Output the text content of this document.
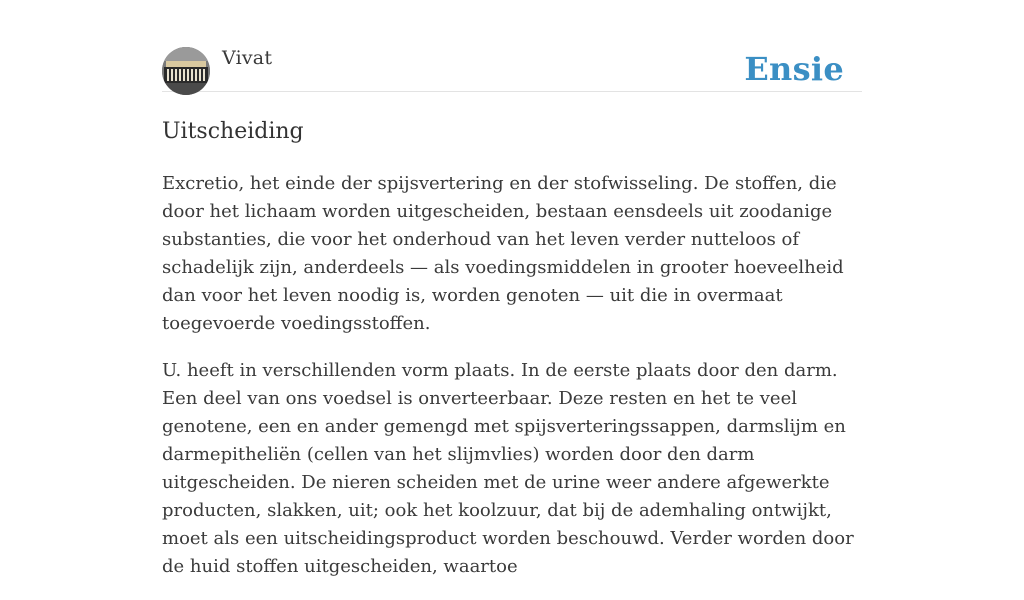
Vivat	Ensie
Uitscheiding

Excretio, het einde der spijsvertering en der stofwisseling. De stoffen, die door het lichaam worden uitgescheiden, bestaan eensdeels uit zoodanige substanties, die voor het onderhoud van het leven verder nutteloos of schadelijk zijn, anderdeels — als voedingsmiddelen in grooter hoeveelheid dan voor het leven noodig is, worden genoten — uit die in overmaat toegevoerde voedingsstoffen.

U. heeft in verschillenden vorm plaats. In de eerste plaats door den darm. Een deel van ons voedsel is onverteerbaar. Deze resten en het te veel genotene, een en ander gemengd met spijsverteringssappen, darmslijm en darmepitheliën (cellen van het slijmvlies) worden door den darm uitgescheiden. De nieren scheiden met de urine weer andere afgewerkte producten, slakken, uit; ook het koolzuur, dat bij de ademhaling ontwijkt, moet als een uitscheidingsproduct worden beschouwd. Verder worden door de huid stoffen uitgescheiden, waartoe
